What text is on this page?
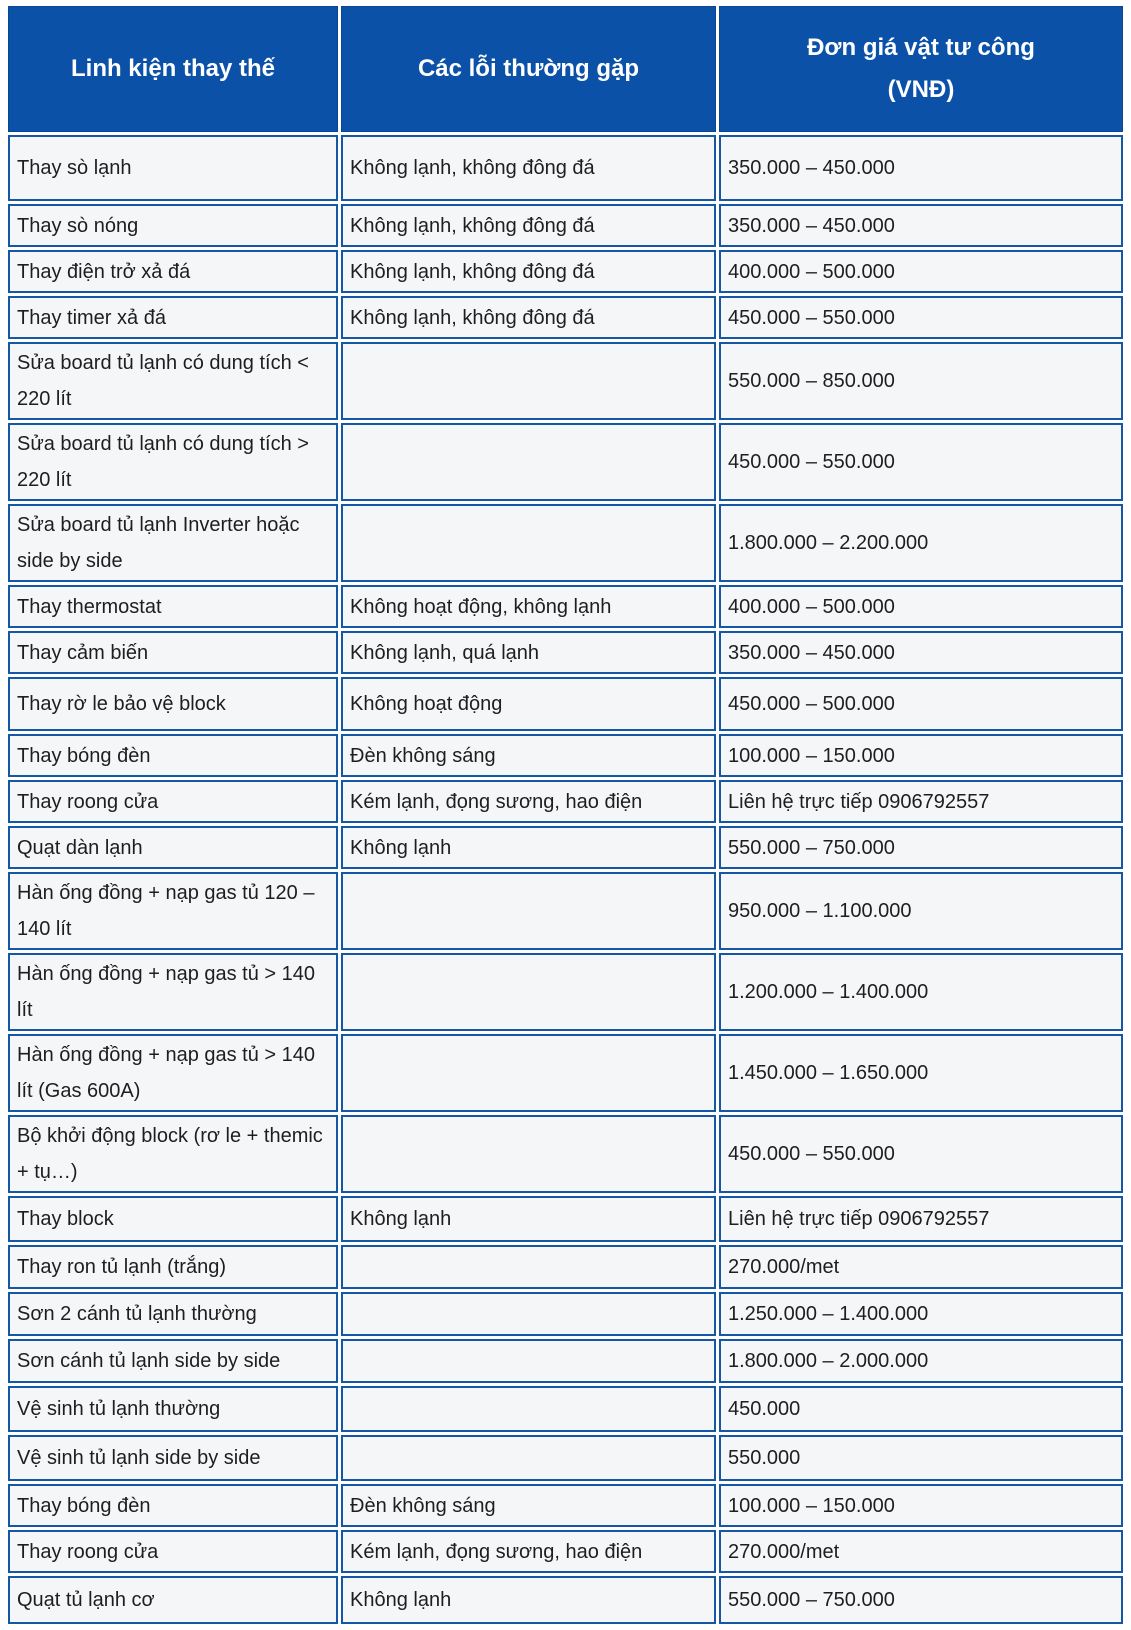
Linh kiện thay thế	Các lỗi thường gặp	Đơn giá vật tư công
(VNĐ)

Thay sò lạnh	Không lạnh, không đông đá	350.000 – 450.000
Thay sò nóng	Không lạnh, không đông đá	350.000 – 450.000
Thay điện trở xả đá	Không lạnh, không đông đá	400.000 – 500.000
Thay timer xả đá	Không lạnh, không đông đá	450.000 – 550.000
Sửa board tủ lạnh có dung tích < 220 lít		550.000 – 850.000
Sửa board tủ lạnh có dung tích > 220 lít		450.000 – 550.000
Sửa board tủ lạnh Inverter hoặc side by side		1.800.000 – 2.200.000
Thay thermostat	Không hoạt động, không lạnh	400.000 – 500.000
Thay cảm biến	Không lạnh, quá lạnh	350.000 – 450.000
Thay rờ le bảo vệ block	Không hoạt động	450.000 – 500.000
Thay bóng đèn	Đèn không sáng	100.000 – 150.000
Thay roong cửa	Kém lạnh, đọng sương, hao điện	Liên hệ trực tiếp 0906792557
Quạt dàn lạnh	Không lạnh	550.000 – 750.000
Hàn ống đồng + nạp gas tủ 120 – 140 lít		950.000 – 1.100.000
Hàn ống đồng + nạp gas tủ > 140 lít		1.200.000 – 1.400.000
Hàn ống đồng + nạp gas tủ > 140 lít (Gas 600A)		1.450.000 – 1.650.000
Bộ khởi động block (rơ le + themic + tụ…)		450.000 – 550.000
Thay block	Không lạnh	Liên hệ trực tiếp 0906792557
Thay ron tủ lạnh (trắng)		270.000/met
Sơn 2 cánh tủ lạnh thường		1.250.000 – 1.400.000
Sơn cánh tủ lạnh side by side		1.800.000 – 2.000.000
Vệ sinh tủ lạnh thường		450.000
Vệ sinh tủ lạnh side by side		550.000
Thay bóng đèn	Đèn không sáng	100.000 – 150.000
Thay roong cửa	Kém lạnh, đọng sương, hao điện	270.000/met
Quạt tủ lạnh cơ	Không lạnh	550.000 – 750.000
